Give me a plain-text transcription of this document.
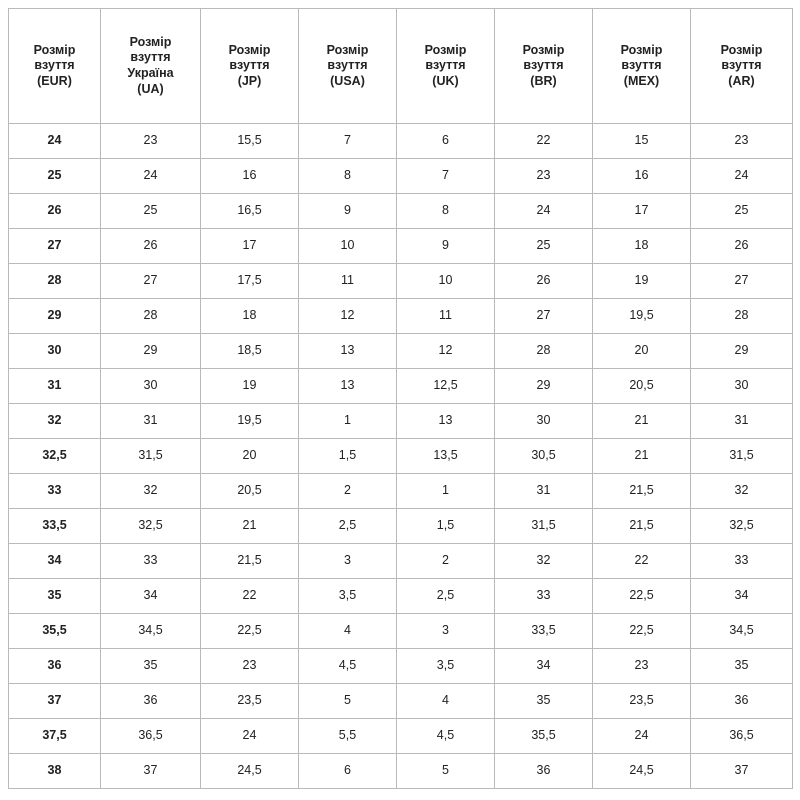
Розмір
взуття
(EUR)	Розмір
взуття
Україна
(UA)	Розмір
взуття
(JP)	Розмір
взуття
(USA)	Розмір
взуття
(UK)	Розмір
взуття
(BR)	Розмір
взуття
(MEX)	Розмір
взуття
(AR)

24	23	15,5	7	6	22	15	23
25	24	16	8	7	23	16	24
26	25	16,5	9	8	24	17	25
27	26	17	10	9	25	18	26
28	27	17,5	11	10	26	19	27
29	28	18	12	11	27	19,5	28
30	29	18,5	13	12	28	20	29
31	30	19	13	12,5	29	20,5	30
32	31	19,5	1	13	30	21	31
32,5	31,5	20	1,5	13,5	30,5	21	31,5
33	32	20,5	2	1	31	21,5	32
33,5	32,5	21	2,5	1,5	31,5	21,5	32,5
34	33	21,5	3	2	32	22	33
35	34	22	3,5	2,5	33	22,5	34
35,5	34,5	22,5	4	3	33,5	22,5	34,5
36	35	23	4,5	3,5	34	23	35
37	36	23,5	5	4	35	23,5	36
37,5	36,5	24	5,5	4,5	35,5	24	36,5
38	37	24,5	6	5	36	24,5	37
